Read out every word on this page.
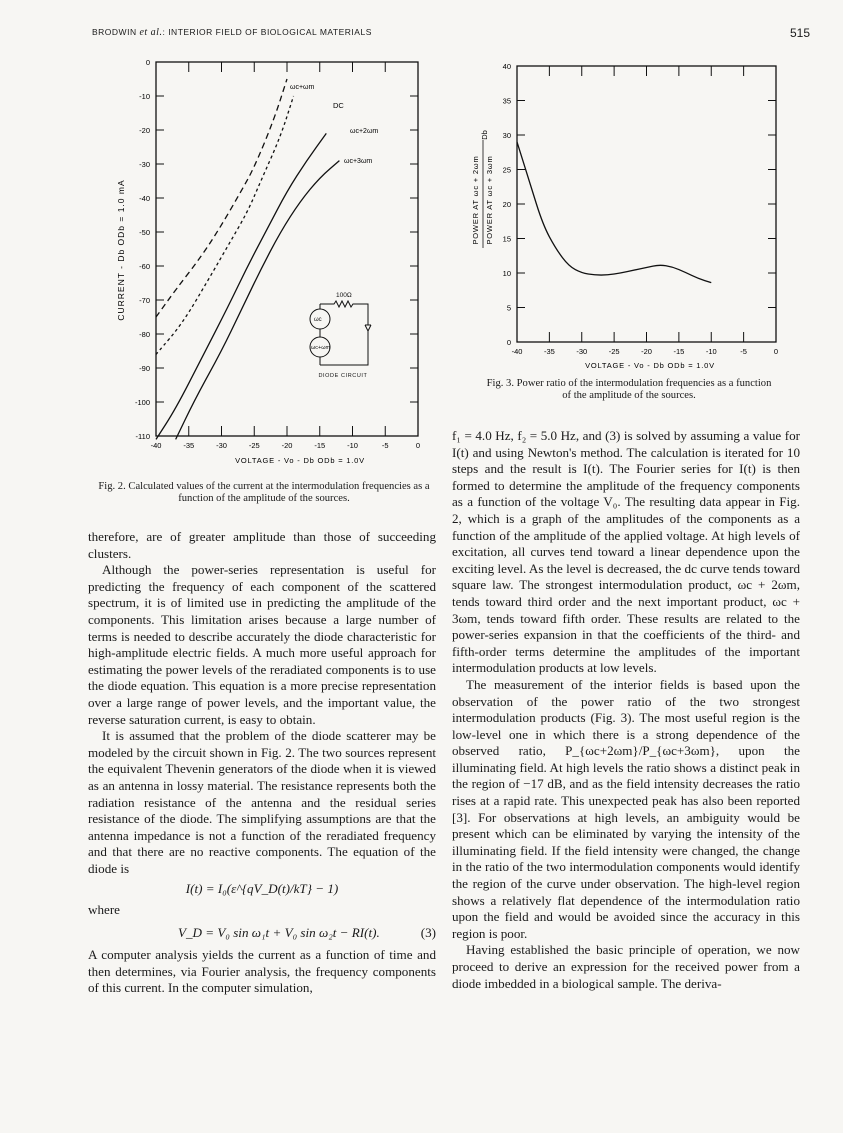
BRODWIN et al.: INTERIOR FIELD OF BIOLOGICAL MATERIALS	515
0
-10
-20
-30
-40
-50
-60
-70
-80
-90
-100
-110
-40	-35	-30	-25	-20	-15	-10	-5	0
CURRENT - Db ODb = 1.0 mA
VOLTAGE - Vo - Db ODb = 1.0V
ωc+ωm
DC
ωc+2ωm
ωc+3ωm
100Ω
ωc
ωc+ωm
DIODE CIRCUIT
Fig. 2. Calculated values of the current at the intermodulation frequencies as a function of the amplitude of the sources.
40
35
30
25
20
15
10
5
0
-40	-35	-30	-25	-20	-15	-10	-5	0
POWER AT ωc + 2ωm POWER AT ωc + 3ωm
Db
VOLTAGE - Vo - Db ODb = 1.0V
Fig. 3. Power ratio of the intermodulation frequencies as a function
of the amplitude of the sources.

therefore, are of greater amplitude than those of succeeding clusters.

Although the power-series representation is useful for predicting the frequency of each component of the scattered spectrum, it is of limited use in predicting the amplitude of the components. This limitation arises because a large number of terms is needed to describe accurately the diode characteristic for high-amplitude electric fields. A much more useful approach for estimating the power levels of the reradiated components is to use the diode equation. This equation is a more precise representation over a large range of power levels, and the important value, the reverse saturation current, is easy to obtain.

It is assumed that the problem of the diode scatterer may be modeled by the circuit shown in Fig. 2. The two sources represent the equivalent Thevenin generators of the diode when it is viewed as an antenna in lossy material. The resistance represents both the radiation resistance of the antenna and the residual series resistance of the diode. The simplifying assumptions are that the antenna impedance is not a function of the reradiated frequency and that there are no reactive components. The equation of the diode is

I(t) = I₀(ε^{qV_D(t)/kT} − 1)

where

V_D = V₀ sin ω₁t + V₀ sin ω₂t − RI(t).	(3)

A computer analysis yields the current as a function of time and then determines, via Fourier analysis, the frequency components of this current. In the computer simulation,

f₁ = 4.0 Hz, f₂ = 5.0 Hz, and (3) is solved by assuming a value for I(t) and using Newton's method. The calculation is iterated for 10 steps and the result is I(t). The Fourier series for I(t) is then formed to determine the amplitude of the frequency components as a function of the voltage V₀. The resulting data appear in Fig. 2, which is a graph of the amplitudes of the components as a function of the amplitude of the applied voltage. At high levels of excitation, all curves tend toward a linear dependence upon the exciting level. As the level is decreased, the dc curve tends toward square law. The strongest intermodulation product, ωc + 2ωm, tends toward third order and the next important product, ωc + 3ωm, tends toward fifth order. These results are related to the power-series expansion in that the coefficients of the third- and fifth-order terms determine the amplitudes of the important intermodulation products at low levels.

The measurement of the interior fields is based upon the observation of the power ratio of the two strongest intermodulation products (Fig. 3). The most useful region is the low-level one in which there is a strong dependence of the observed ratio, P_{ωc+2ωm}/P_{ωc+3ωm}, upon the illuminating field. At high levels the ratio shows a distinct peak in the region of −17 dB, and as the field intensity decreases the ratio rises at a rapid rate. This unexpected peak has also been reported [3]. For observations at high levels, an ambiguity would be present which can be eliminated by varying the intensity of the illuminating field. If the field intensity were changed, the change in the ratio of the two intermodulation components would identify the region of the curve under observation. The high-level region shows a relatively flat dependence of the intermodulation ratio upon the field and would be avoided since the accuracy in this region is poor.

Having established the basic principle of operation, we now proceed to derive an expression for the received power from a diode imbedded in a biological sample. The deriva-
